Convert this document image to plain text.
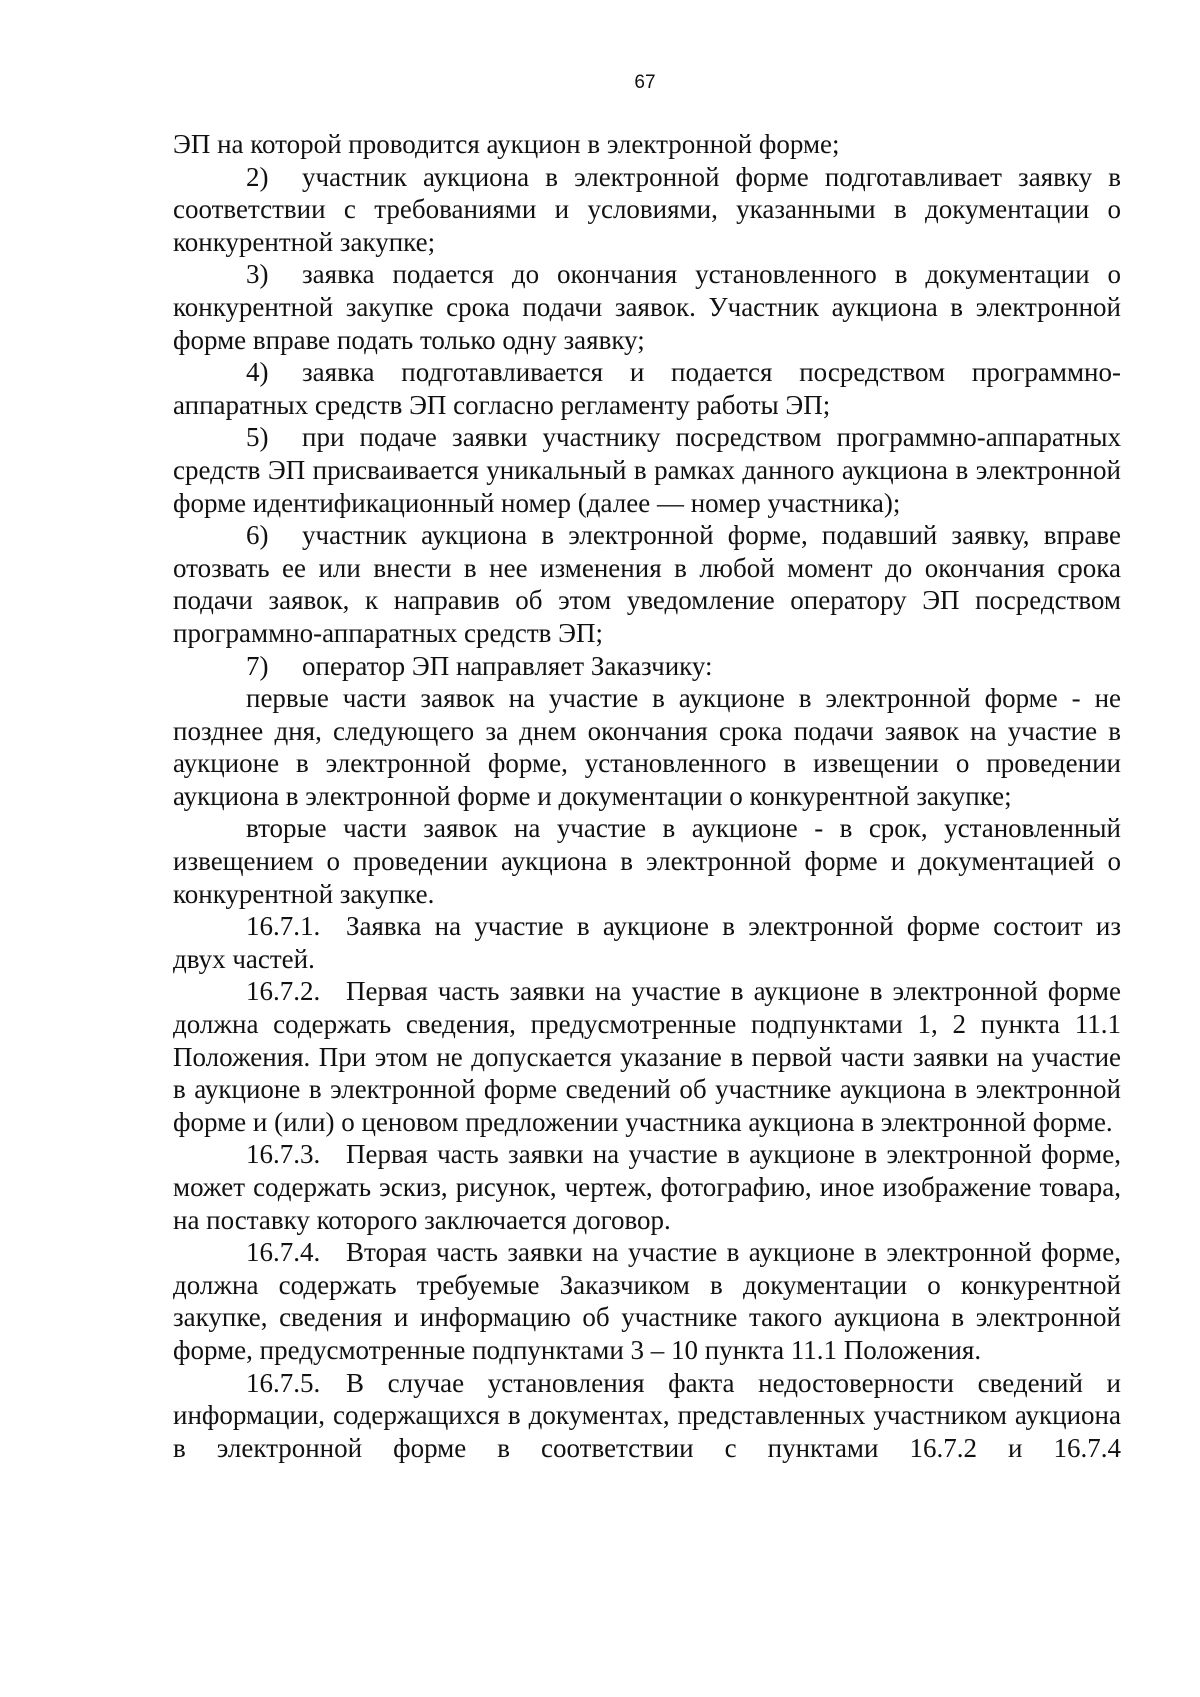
67

ЭП на которой проводится аукцион в электронной форме;

2) участник аукциона в электронной форме подготавливает заявку в соответствии с требованиями и условиями, указанными в документации о конкурентной закупке;

3) заявка подается до окончания установленного в документации о конкурентной закупке срока подачи заявок. Участник аукциона в электронной форме вправе подать только одну заявку;

4) заявка подготавливается и подается посредством программно-аппаратных средств ЭП согласно регламенту работы ЭП;

5) при подаче заявки участнику посредством программно-аппаратных средств ЭП присваивается уникальный в рамках данного аукциона в электронной форме идентификационный номер (далее — номер участника);

6) участник аукциона в электронной форме, подавший заявку, вправе отозвать ее или внести в нее изменения в любой момент до окончания срока подачи заявок, к направив об этом уведомление оператору ЭП посредством программно-аппаратных средств ЭП;

7) оператор ЭП направляет Заказчику:

первые части заявок на участие в аукционе в электронной форме - не позднее дня, следующего за днем окончания срока подачи заявок на участие в аукционе в электронной форме, установленного в извещении о проведении аукциона в электронной форме и документации о конкурентной закупке;

вторые части заявок на участие в аукционе - в срок, установленный извещением о проведении аукциона в электронной форме и документацией о конкурентной закупке.

16.7.1. Заявка на участие в аукционе в электронной форме состоит из двух частей.

16.7.2. Первая часть заявки на участие в аукционе в электронной форме должна содержать сведения, предусмотренные подпунктами 1, 2 пункта 11.1 Положения. При этом не допускается указание в первой части заявки на участие в аукционе в электронной форме сведений об участнике аукциона в электронной форме и (или) о ценовом предложении участника аукциона в электронной форме.

16.7.3. Первая часть заявки на участие в аукционе в электронной форме, может содержать эскиз, рисунок, чертеж, фотографию, иное изображение товара, на поставку которого заключается договор.

16.7.4. Вторая часть заявки на участие в аукционе в электронной форме, должна содержать требуемые Заказчиком в документации о конкурентной закупке, сведения и информацию об участнике такого аукциона в электронной форме, предусмотренные подпунктами 3 – 10 пункта 11.1 Положения.

16.7.5. В случае установления факта недостоверности сведений и информации, содержащихся в документах, представленных участником аукциона в электронной форме в соответствии с пунктами 16.7.2 и 16.7.4
